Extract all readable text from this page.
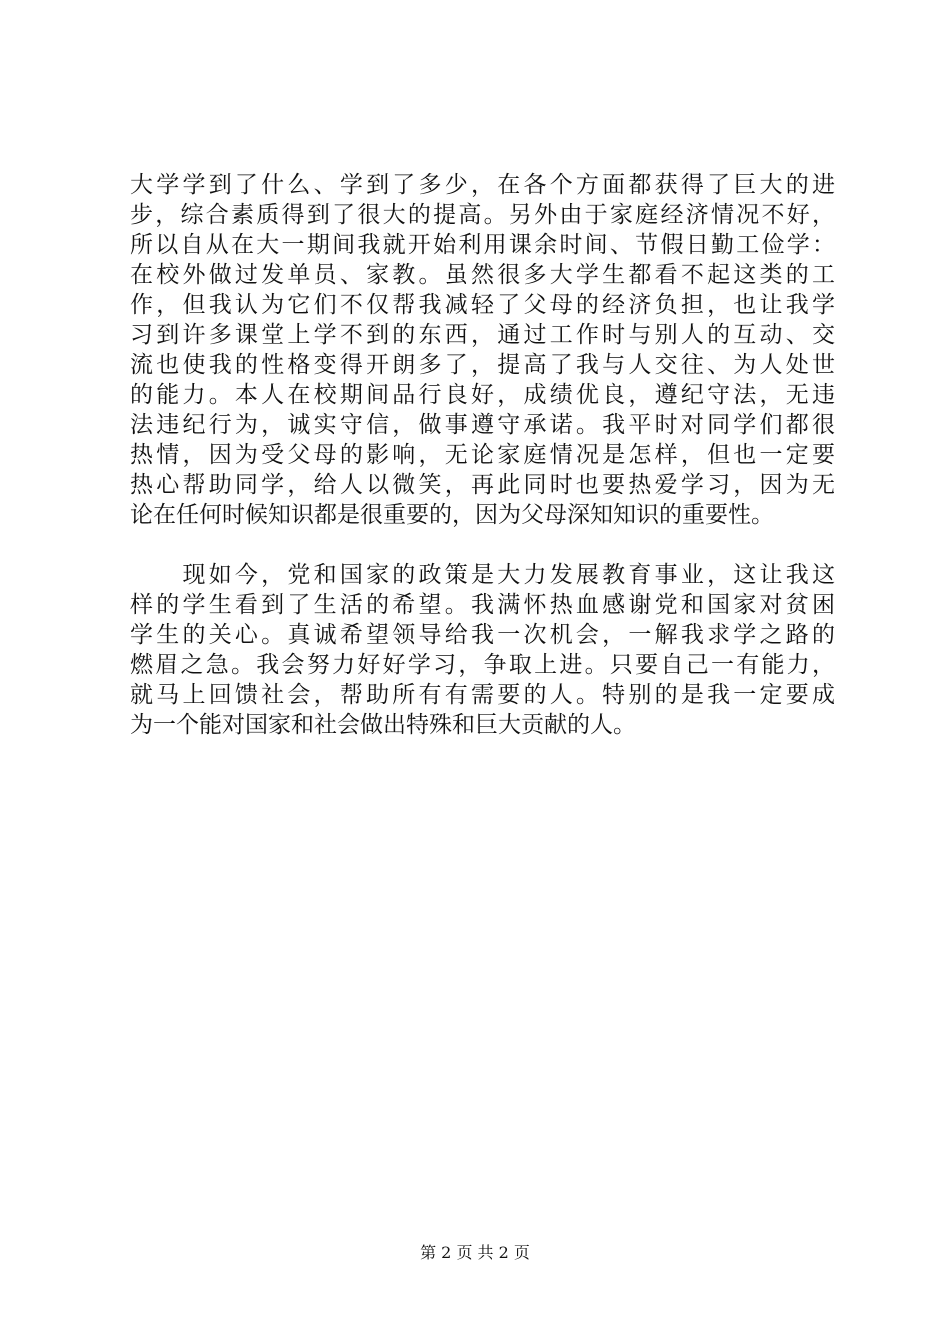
大学学到了什么、学到了多少，在各个方面都获得了巨大的进
步，综合素质得到了很大的提高。另外由于家庭经济情况不好，
所以自从在大一期间我就开始利用课余时间、节假日勤工俭学：
在校外做过发单员、家教。虽然很多大学生都看不起这类的工
作，但我认为它们不仅帮我减轻了父母的经济负担，也让我学
习到许多课堂上学不到的东西，通过工作时与别人的互动、交
流也使我的性格变得开朗多了，提高了我与人交往、为人处世
的能力。本人在校期间品行良好，成绩优良，遵纪守法，无违
法违纪行为，诚实守信，做事遵守承诺。我平时对同学们都很
热情，因为受父母的影响，无论家庭情况是怎样，但也一定要
热心帮助同学，给人以微笑，再此同时也要热爱学习，因为无
论在任何时候知识都是很重要的，因为父母深知知识的重要性。
　　现如今，党和国家的政策是大力发展教育事业，这让我这
样的学生看到了生活的希望。我满怀热血感谢党和国家对贫困
学生的关心。真诚希望领导给我一次机会，一解我求学之路的
燃眉之急。我会努力好好学习，争取上进。只要自己一有能力，
就马上回馈社会，帮助所有有需要的人。特别的是我一定要成
为一个能对国家和社会做出特殊和巨大贡献的人。
第 2 页 共 2 页
